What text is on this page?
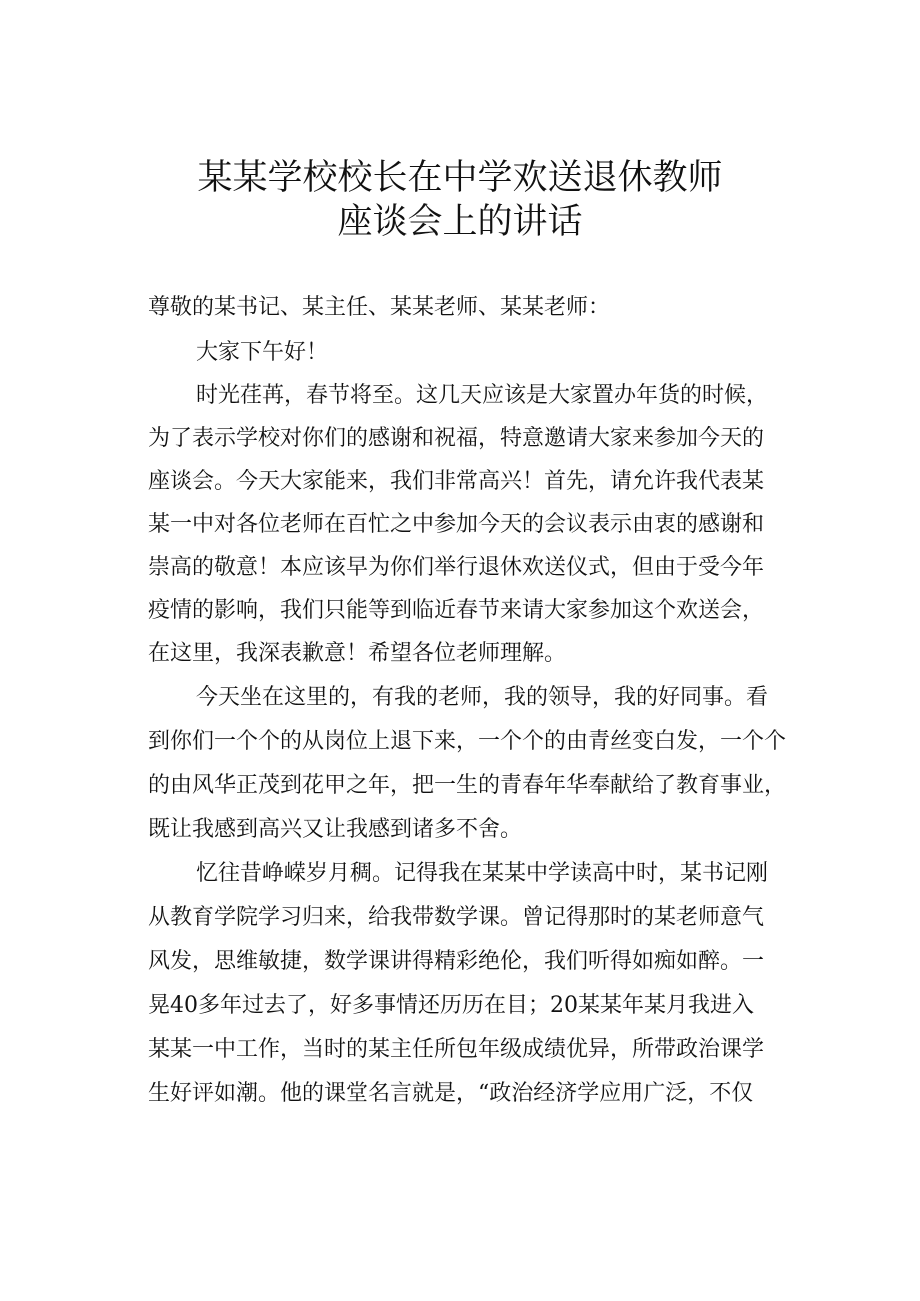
某某学校校长在中学欢送退休教师
座谈会上的讲话
尊敬的某书记、某主任、某某老师、某某老师：
大家下午好！
时光荏苒，春节将至。这几天应该是大家置办年货的时候，
为了表示学校对你们的感谢和祝福，特意邀请大家来参加今天的
座谈会。今天大家能来，我们非常高兴！首先，请允许我代表某
某一中对各位老师在百忙之中参加今天的会议表示由衷的感谢和
崇高的敬意！本应该早为你们举行退休欢送仪式，但由于受今年
疫情的影响，我们只能等到临近春节来请大家参加这个欢送会，
在这里，我深表歉意！希望各位老师理解。
今天坐在这里的，有我的老师，我的领导，我的好同事。看
到你们一个个的从岗位上退下来，一个个的由青丝变白发，一个个
的由风华正茂到花甲之年，把一生的青春年华奉献给了教育事业，
既让我感到高兴又让我感到诸多不舍。
忆往昔峥嵘岁月稠。记得我在某某中学读高中时，某书记刚
从教育学院学习归来，给我带数学课。曾记得那时的某老师意气
风发，思维敏捷，数学课讲得精彩绝伦，我们听得如痴如醉。一
晃40多年过去了，好多事情还历历在目；20某某年某月我进入
某某一中工作，当时的某主任所包年级成绩优异，所带政治课学
生好评如潮。他的课堂名言就是，“政治经济学应用广泛，不仅
